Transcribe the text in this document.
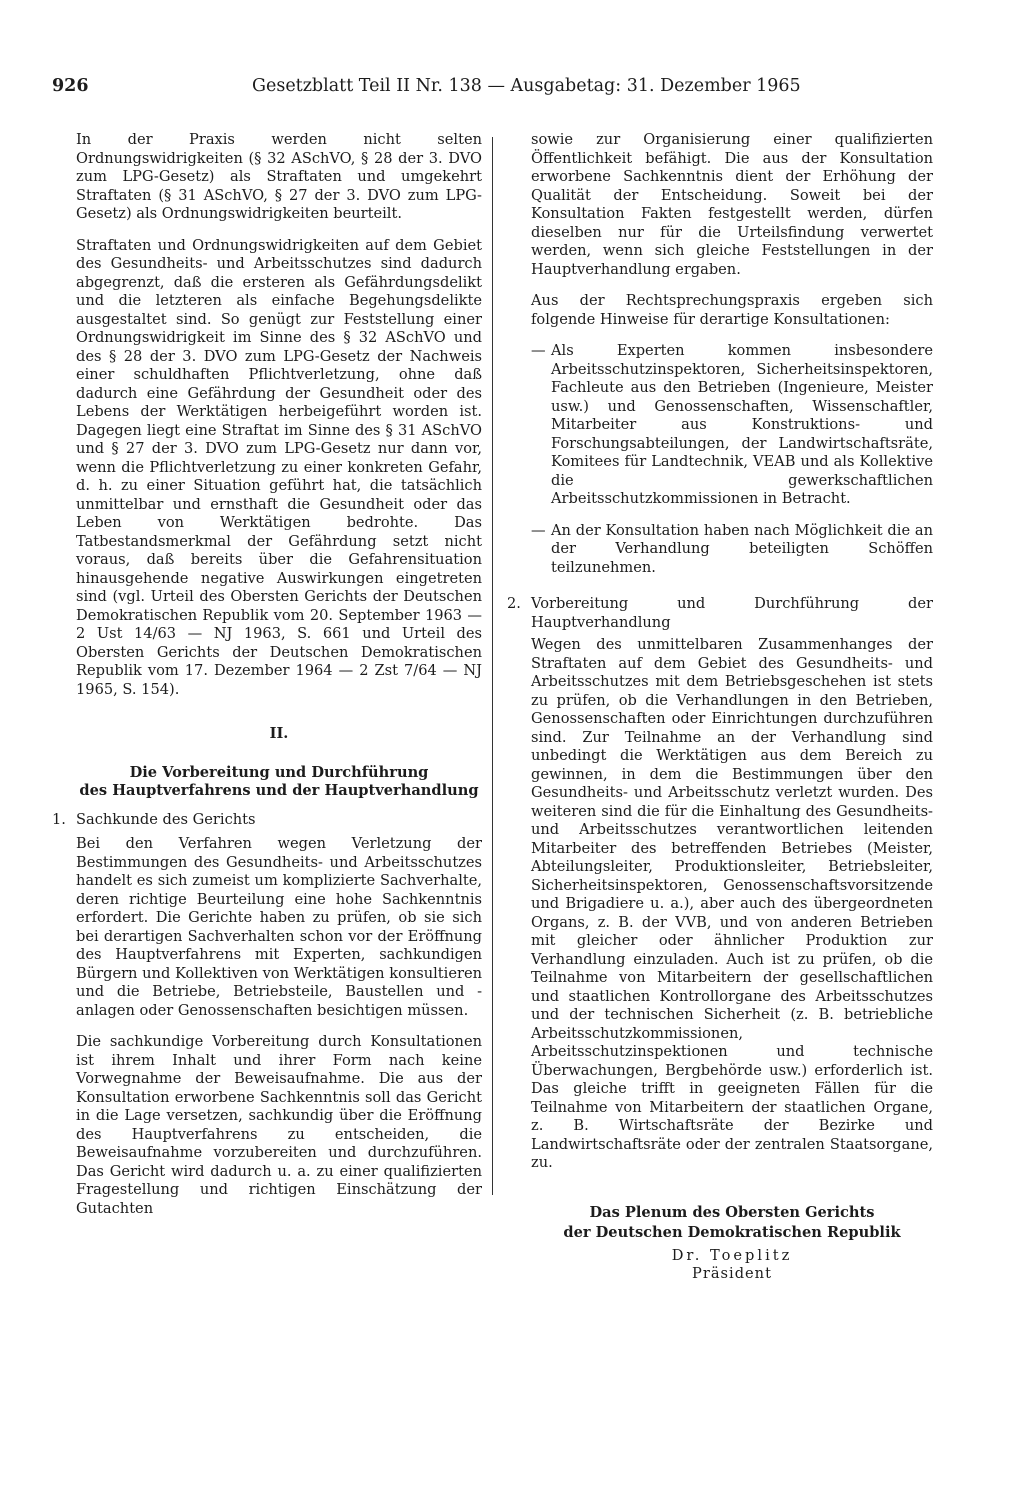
926	Gesetzblatt Teil II Nr. 138 — Ausgabetag: 31. Dezember 1965

In der Praxis werden nicht selten Ordnungswidrigkeiten (§ 32 ASchVO, § 28 der 3. DVO zum LPG-Gesetz) als Straftaten und umgekehrt Straftaten (§ 31 ASchVO, § 27 der 3. DVO zum LPG-Gesetz) als Ordnungswidrigkeiten beurteilt.

Straftaten und Ordnungswidrigkeiten auf dem Gebiet des Gesundheits- und Arbeitsschutzes sind dadurch abgegrenzt, daß die ersteren als Gefährdungsdelikt und die letzteren als einfache Begehungsdelikte ausgestaltet sind. So genügt zur Feststellung einer Ordnungswidrigkeit im Sinne des § 32 ASchVO und des § 28 der 3. DVO zum LPG-Gesetz der Nachweis einer schuldhaften Pflichtverletzung, ohne daß dadurch eine Gefährdung der Gesundheit oder des Lebens der Werktätigen herbeigeführt worden ist. Dagegen liegt eine Straftat im Sinne des § 31 ASchVO und § 27 der 3. DVO zum LPG-Gesetz nur dann vor, wenn die Pflichtverletzung zu einer konkreten Gefahr, d. h. zu einer Situation geführt hat, die tatsächlich unmittelbar und ernsthaft die Gesundheit oder das Leben von Werktätigen bedrohte. Das Tatbestandsmerkmal der Gefährdung setzt nicht voraus, daß bereits über die Gefahrensituation hinausgehende negative Auswirkungen eingetreten sind (vgl. Urteil des Obersten Gerichts der Deutschen Demokratischen Republik vom 20. September 1963 — 2 Ust 14/63 — NJ 1963, S. 661 und Urteil des Obersten Gerichts der Deutschen Demokratischen Republik vom 17. Dezember 1964 — 2 Zst 7/64 — NJ 1965, S. 154).

II.
Die Vorbereitung und Durchführung
des Hauptverfahrens und der Hauptverhandlung
1. Sachkunde des Gerichts

Bei den Verfahren wegen Verletzung der Bestimmungen des Gesundheits- und Arbeitsschutzes handelt es sich zumeist um komplizierte Sachverhalte, deren richtige Beurteilung eine hohe Sachkenntnis erfordert. Die Gerichte haben zu prüfen, ob sie sich bei derartigen Sachverhalten schon vor der Eröffnung des Hauptverfahrens mit Experten, sachkundigen Bürgern und Kollektiven von Werktätigen konsultieren und die Betriebe, Betriebsteile, Baustellen und -anlagen oder Genossenschaften besichtigen müssen.

Die sachkundige Vorbereitung durch Konsultationen ist ihrem Inhalt und ihrer Form nach keine Vorwegnahme der Beweisaufnahme. Die aus der Konsultation erworbene Sachkenntnis soll das Gericht in die Lage versetzen, sachkundig über die Eröffnung des Hauptverfahrens zu entscheiden, die Beweisaufnahme vorzubereiten und durchzuführen. Das Gericht wird dadurch u. a. zu einer qualifizierten Fragestellung und richtigen Einschätzung der Gutachten

sowie zur Organisierung einer qualifizierten Öffentlichkeit befähigt. Die aus der Konsultation erworbene Sachkenntnis dient der Erhöhung der Qualität der Entscheidung. Soweit bei der Konsultation Fakten festgestellt werden, dürfen dieselben nur für die Urteilsfindung verwertet werden, wenn sich gleiche Feststellungen in der Hauptverhandlung ergaben.

Aus der Rechtsprechungspraxis ergeben sich folgende Hinweise für derartige Konsultationen:

— Als Experten kommen insbesondere Arbeitsschutzinspektoren, Sicherheitsinspektoren, Fachleute aus den Betrieben (Ingenieure, Meister usw.) und Genossenschaften, Wissenschaftler, Mitarbeiter aus Konstruktions- und Forschungsabteilungen, der Landwirtschaftsräte, Komitees für Landtechnik, VEAB und als Kollektive die gewerkschaftlichen Arbeitsschutzkommissionen in Betracht.
— An der Konsultation haben nach Möglichkeit die an der Verhandlung beteiligten Schöffen teilzunehmen.
2. Vorbereitung und Durchführung der Hauptverhandlung

Wegen des unmittelbaren Zusammenhanges der Straftaten auf dem Gebiet des Gesundheits- und Arbeitsschutzes mit dem Betriebsgeschehen ist stets zu prüfen, ob die Verhandlungen in den Betrieben, Genossenschaften oder Einrichtungen durchzuführen sind. Zur Teilnahme an der Verhandlung sind unbedingt die Werktätigen aus dem Bereich zu gewinnen, in dem die Bestimmungen über den Gesundheits- und Arbeitsschutz verletzt wurden. Des weiteren sind die für die Einhaltung des Gesundheits- und Arbeitsschutzes verantwortlichen leitenden Mitarbeiter des betreffenden Betriebes (Meister, Abteilungsleiter, Produktionsleiter, Betriebsleiter, Sicherheitsinspektoren, Genossenschaftsvorsitzende und Brigadiere u. a.), aber auch des übergeordneten Organs, z. B. der VVB, und von anderen Betrieben mit gleicher oder ähnlicher Produktion zur Verhandlung einzuladen. Auch ist zu prüfen, ob die Teilnahme von Mitarbeitern der gesellschaftlichen und staatlichen Kontrollorgane des Arbeitsschutzes und der technischen Sicherheit (z. B. betriebliche Arbeitsschutzkommissionen, Arbeitsschutzinspektionen und technische Überwachungen, Bergbehörde usw.) erforderlich ist. Das gleiche trifft in geeigneten Fällen für die Teilnahme von Mitarbeitern der staatlichen Organe, z. B. Wirtschaftsräte der Bezirke und Landwirtschaftsräte oder der zentralen Staatsorgane, zu.

Das Plenum des Obersten Gerichts
der Deutschen Demokratischen Republik
Dr. Toeplitz
Präsident
